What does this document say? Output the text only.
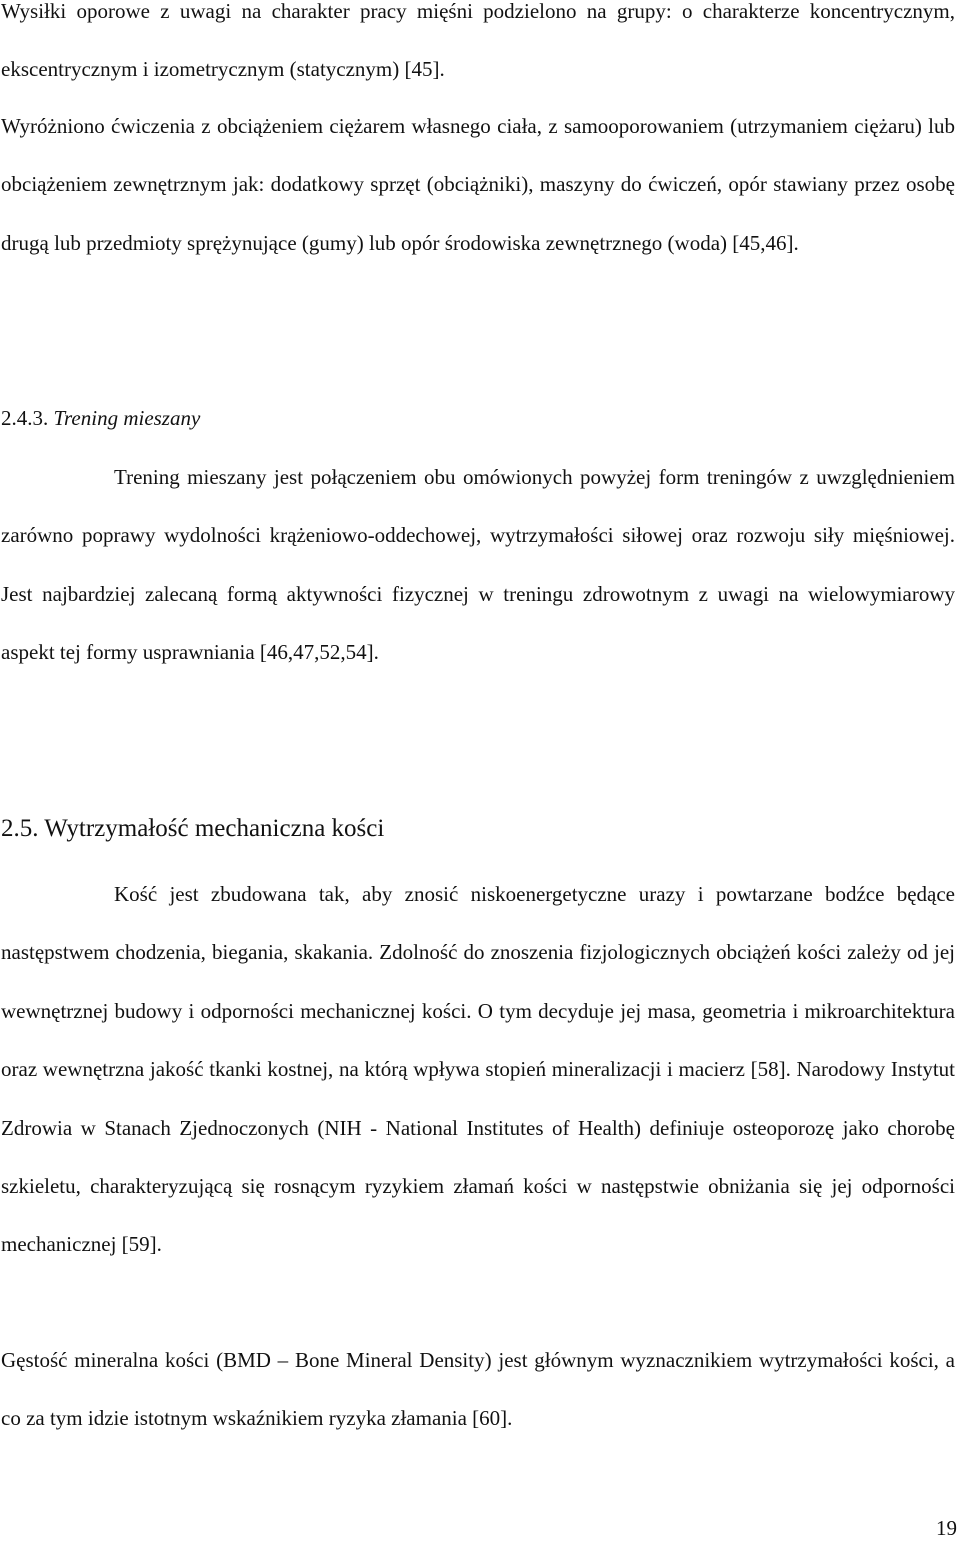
Wysiłki oporowe z uwagi na charakter pracy mięśni podzielono na grupy: o charakterze koncentrycznym, ekscentrycznym i izometrycznym (statycznym) [45].

Wyróżniono ćwiczenia z obciążeniem ciężarem własnego ciała, z samooporowaniem (utrzymaniem ciężaru) lub obciążeniem zewnętrznym jak: dodatkowy sprzęt (obciążniki), maszyny do ćwiczeń, opór stawiany przez osobę drugą lub przedmioty sprężynujące (gumy) lub opór środowiska zewnętrznego (woda) [45,46].

2.4.3. Trening mieszany

Trening mieszany jest połączeniem obu omówionych powyżej form treningów z uwzględnieniem zarówno poprawy wydolności krążeniowo-oddechowej, wytrzymałości siłowej oraz rozwoju siły mięśniowej. Jest najbardziej zalecaną formą aktywności fizycznej w treningu zdrowotnym z uwagi na wielowymiarowy aspekt tej formy usprawniania [46,47,52,54].

2.5. Wytrzymałość mechaniczna kości

Kość jest zbudowana tak, aby znosić niskoenergetyczne urazy i powtarzane bodźce będące następstwem chodzenia, biegania, skakania. Zdolność do znoszenia fizjologicznych obciążeń kości zależy od jej wewnętrznej budowy i odporności mechanicznej kości. O tym decyduje jej masa, geometria i mikroarchitektura oraz wewnętrzna jakość tkanki kostnej, na którą wpływa stopień mineralizacji i macierz [58]. Narodowy Instytut Zdrowia w Stanach Zjednoczonych (NIH - National Institutes of Health) definiuje osteoporozę jako chorobę szkieletu, charakteryzującą się rosnącym ryzykiem złamań kości w następstwie obniżania się jej odporności mechanicznej [59].

Gęstość mineralna kości (BMD – Bone Mineral Density) jest głównym wyznacznikiem wytrzymałości kości, a co za tym idzie istotnym wskaźnikiem ryzyka złamania [60].

19
